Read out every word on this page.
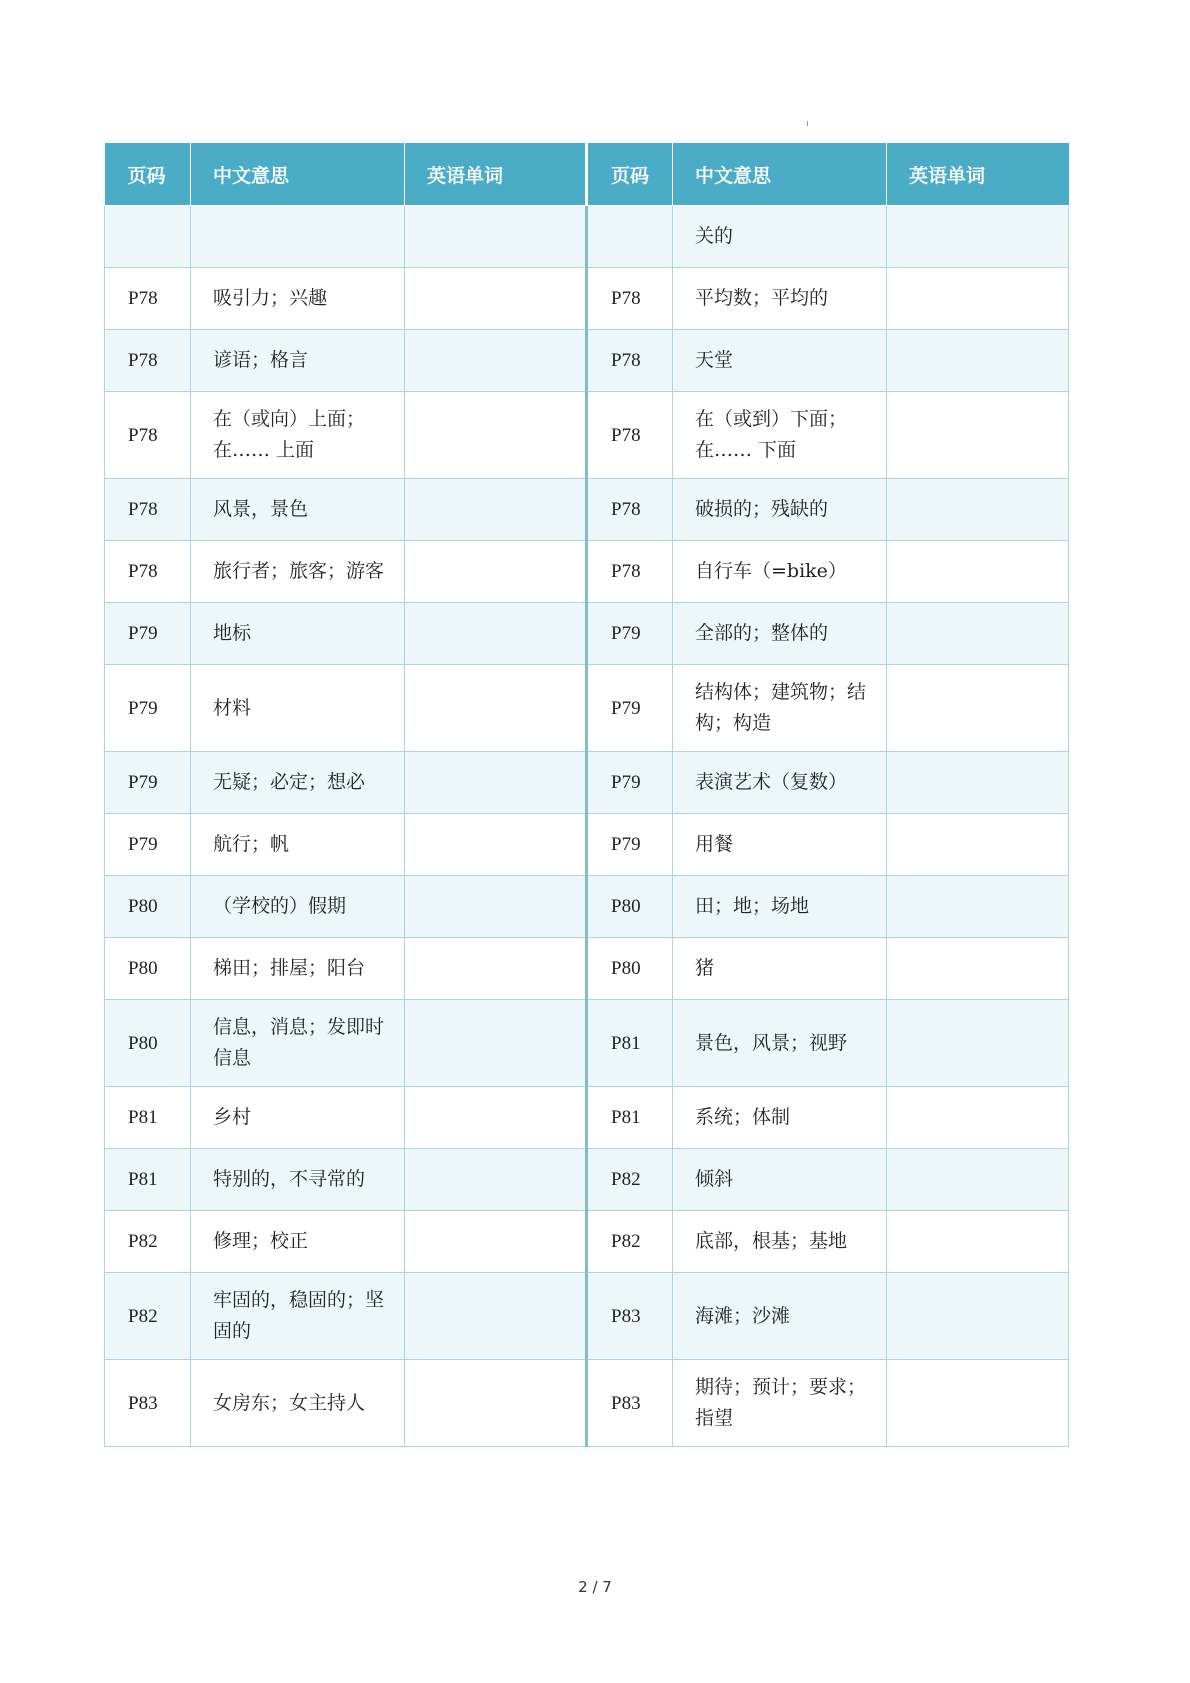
页码	中文意思	英语单词	页码	中文意思	英语单词
				关的	
P78	吸引力；兴趣		P78	平均数；平均的	
P78	谚语；格言		P78	天堂	
P78	在（或向）上面；在…… 上面		P78	在（或到）下面；在…… 下面	
P78	风景，景色		P78	破损的；残缺的	
P78	旅行者；旅客；游客		P78	自行车（=bike）	
P79	地标		P79	全部的；整体的	
P79	材料		P79	结构体；建筑物；结构；构造	
P79	无疑；必定；想必		P79	表演艺术（复数）	
P79	航行；帆		P79	用餐	
P80	（学校的）假期		P80	田；地；场地	
P80	梯田；排屋；阳台		P80	猪	
P80	信息，消息；发即时信息		P81	景色，风景；视野	
P81	乡村		P81	系统；体制	
P81	特别的，不寻常的		P82	倾斜	
P82	修理；校正		P82	底部，根基；基地	
P82	牢固的，稳固的；坚固的		P83	海滩；沙滩	
P83	女房东；女主持人		P83	期待；预计；要求；指望	
2 / 7
